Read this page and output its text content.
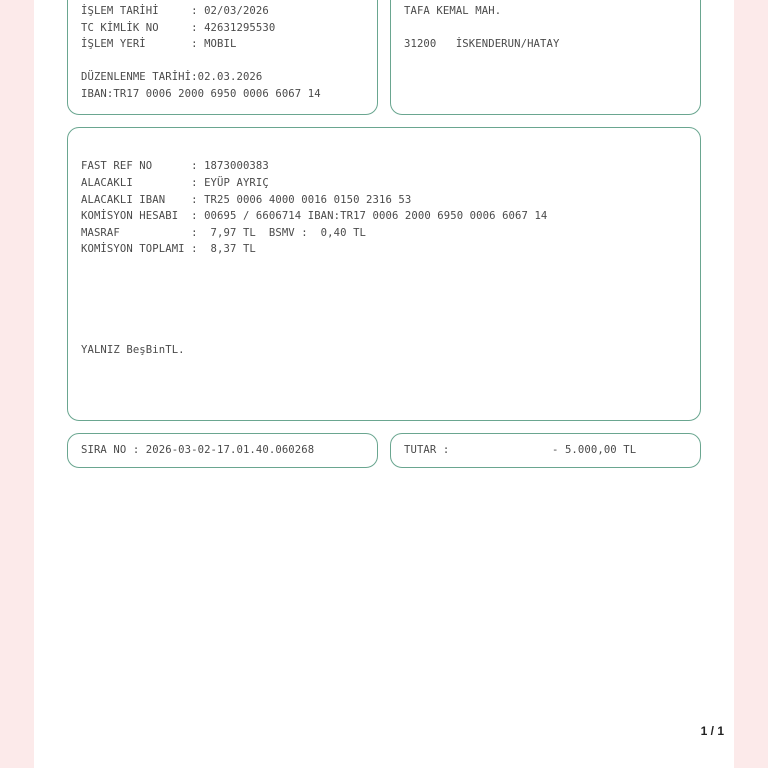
İŞLEM TARİHİ     : 02/03/2026

TC KİMLİK NO     : 42631295530

İŞLEM YERİ       : MOBIL

DÜZENLENME TARİHİ:02.03.2026

IBAN:TR17 0006 2000 6950 0006 6067 14

TAFA KEMAL MAH.

31200   İSKENDERUN/HATAY

FAST REF NO      : 1873000383

ALACAKLI         : EYÜP AYRIÇ

ALACAKLI IBAN    : TR25 0006 4000 0016 0150 2316 53

KOMİSYON HESABI  : 00695 / 6606714 IBAN:TR17 0006 2000 6950 0006 6067 14

MASRAF           :  7,97 TL  BSMV :  0,40 TL

KOMİSYON TOPLAMI :  8,37 TL

YALNIZ BeşBinTL.

SIRA NO : 2026-03-02-17.01.40.060268

	TUTAR :

	- 5.000,00 TL

1 / 1
